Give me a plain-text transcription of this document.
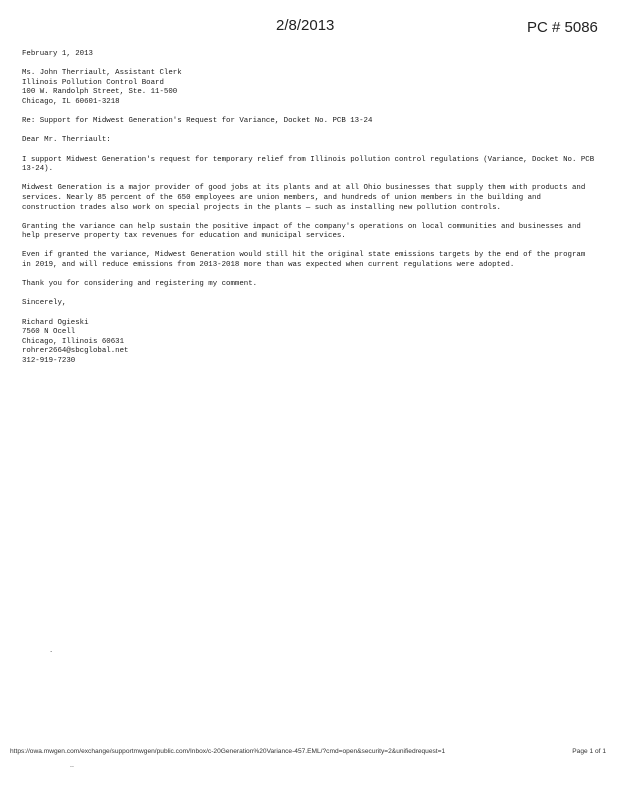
2/8/2013	PC # 5086

February 1, 2013

Ms. John Therriault, Assistant Clerk

Illinois Pollution Control Board

100 W. Randolph Street, Ste. 11-500

Chicago, IL 60601-3218

Re: Support for Midwest Generation's Request for Variance, Docket No. PCB 13-24

Dear Mr. Therriault:

I support Midwest Generation's request for temporary relief from Illinois pollution control regulations (Variance, Docket No. PCB 13-24).

Midwest Generation is a major provider of good jobs at its plants and at all Ohio businesses that supply them with products and services. Nearly 85 percent of the 650 employees are union members, and hundreds of union members in the building and construction trades also work on special projects in the plants — such as installing new pollution controls.

Granting the variance can help sustain the positive impact of the company's operations on local communities and businesses and help preserve property tax revenues for education and municipal services.

Even if granted the variance, Midwest Generation would still hit the original state emissions targets by the end of the program in 2019, and will reduce emissions from 2013-2018 more than was expected when current regulations were adopted.

Thank you for considering and registering my comment.

Sincerely,

Richard Ogieski

7560 N Ocell

Chicago, Illinois 60631

rohrer2664@sbcglobal.net

312-919-7230

.
https://owa.mwgen.com/exchange/supportmwgen/public.com/Inbox/c-20Generation%20Variance-457.EML/?cmd=open&security=2&unifiedrequest=1	Page 1 of 1
..
